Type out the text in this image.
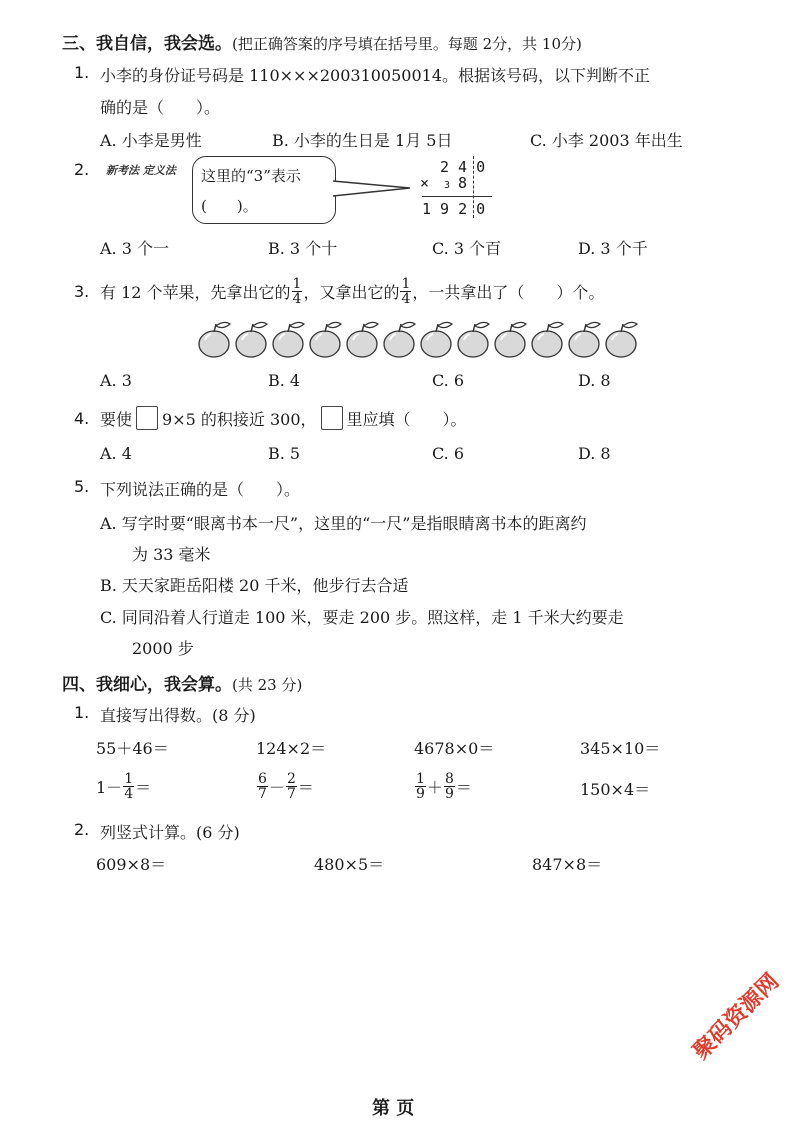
三、我自信，我会选。(把正确答案的序号填在括号里。每题 2分，共 10分)
1. 小李的身份证号码是 110×××200310050014。根据该号码，以下判断不正
确的是（　　）。
A. 小李是男性	B. 小李的生日是 1月 5日	C. 小李 2003 年出生
2. 新考法 定义法 这里的“3”表示
(　　)。
2 4 0
× 3 8
1 9 2 0
A. 3 个一	B. 3 个十	C. 3 个百	D. 3 个千
3. 有 12 个苹果，先拿出它的 $\frac{1}{4}$ ，又拿出它的 $\frac{1}{4}$ ，一共拿出了（　　）个。
A. 3	B. 4	C. 6	D. 8
4. 要使 9×5 的积接近 300， 里应填（　　）。
A. 4	B. 5	C. 6	D. 8
5. 下列说法正确的是（　　）。
A. 写字时要“眼离书本一尺”，这里的“一尺”是指眼睛离书本的距离约
为 33 毫米
B. 天天家距岳阳楼 20 千米，他步行去合适
C. 同同沿着人行道走 100 米，要走 200 步。照这样，走 1 千米大约要走
2000 步
四、我细心，我会算。(共 23 分)
1. 直接写出得数。(8 分)
55＋46＝	124×2＝	4678×0＝	345×10＝
$1- \frac{1}{4}$ ＝	$\frac{6}{7} - \frac{2}{7}$ ＝	$\frac{1}{9} + \frac{8}{9}$ ＝	150×4＝
2. 列竖式计算。(6 分)
609×8＝	480×5＝	847×8＝
聚码资源网
第 页
